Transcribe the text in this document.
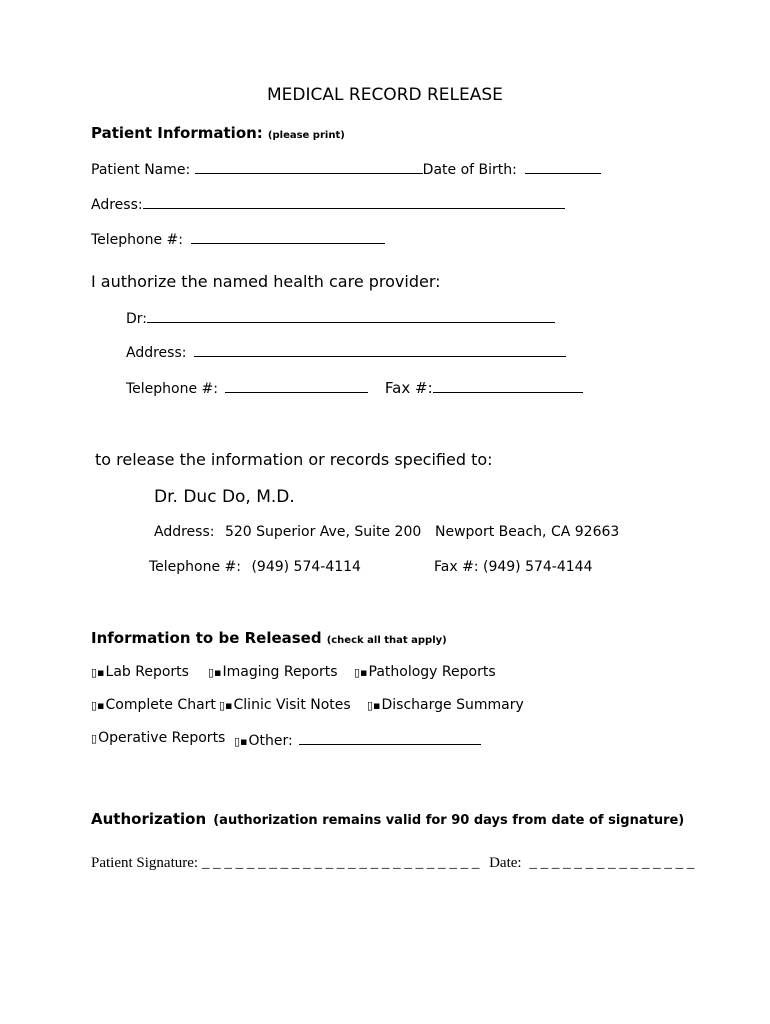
MEDICAL RECORD RELEASE
Patient Information: (please print)
Patient Name:	Date of Birth:
Adress:
Telephone #:
I authorize the named health care provider:
Dr:
Address:
Telephone #:	Fax #:
to release the information or records specified to:
Dr. Duc Do, M.D.
Address: 520 Superior Ave, Suite 200 Newport Beach, CA 92663
Telephone #: (949) 574-4114	Fax #: (949) 574-4144
Information to be Released (check all that apply)
▯▪Lab Reports ▯▪Imaging Reports ▯▪Pathology Reports
▯▪Complete Chart ▯▪Clinic Visit Notes ▯▪Discharge Summary
▯Operative Reports ▯▪Other:
Authorization (authorization remains valid for 90 days from date of signature)
Patient Signature: _ _ _ _ _ _ _ _ _ _ _ _ _ _ _ _ _ _ _ _ _ _ _ _ _ Date: _ _ _ _ _ _ _ _ _ _ _ _ _ _ _
